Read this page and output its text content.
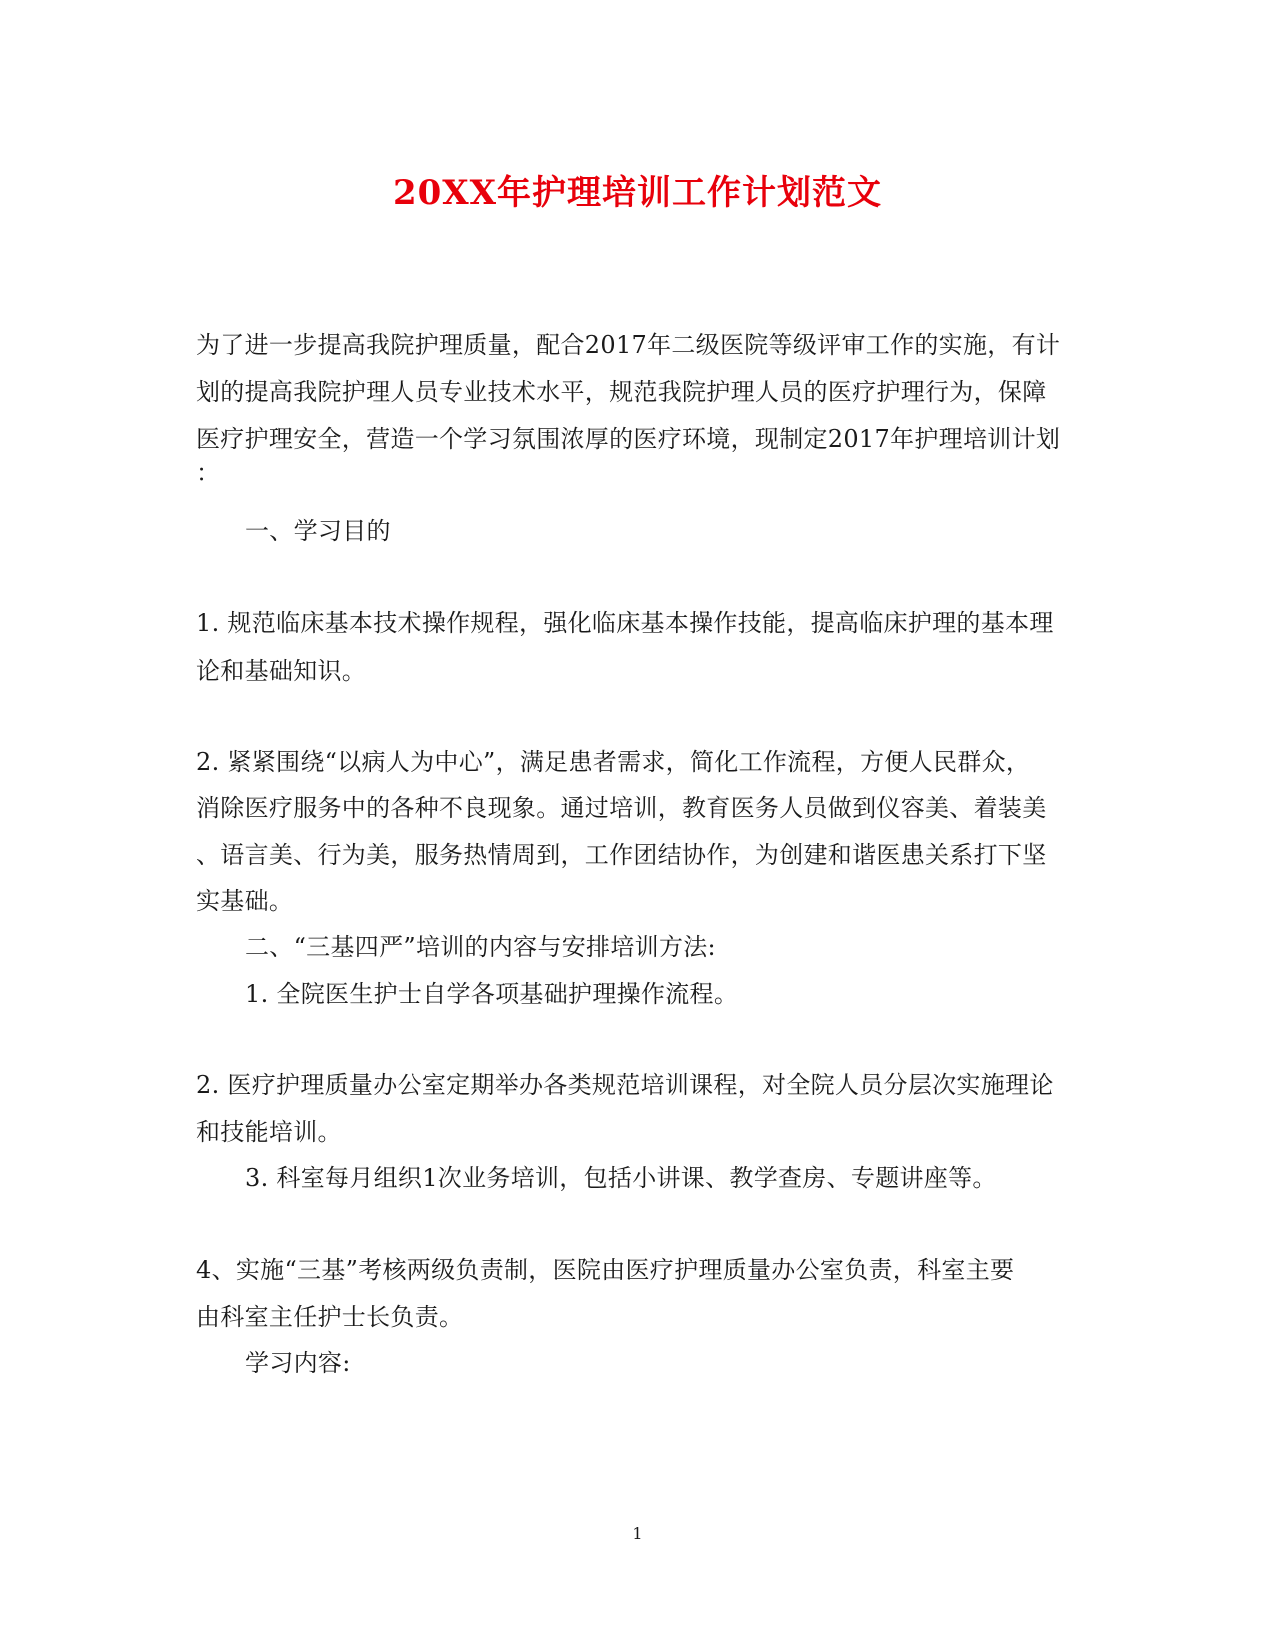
20XX年护理培训工作计划范文
为了进一步提高我院护理质量，配合2017年二级医院等级评审工作的实施，有计
划的提高我院护理人员专业技术水平，规范我院护理人员的医疗护理行为，保障
医疗护理安全，营造一个学习氛围浓厚的医疗环境，现制定2017年护理培训计划
：
一、学习目的
1. 规范临床基本技术操作规程，强化临床基本操作技能，提高临床护理的基本理
论和基础知识。
2. 紧紧围绕“以病人为中心”，满足患者需求，简化工作流程，方便人民群众，
消除医疗服务中的各种不良现象。通过培训，教育医务人员做到仪容美、着装美
、语言美、行为美，服务热情周到，工作团结协作，为创建和谐医患关系打下坚
实基础。
二、“三基四严”培训的内容与安排培训方法:
1. 全院医生护士自学各项基础护理操作流程。
2. 医疗护理质量办公室定期举办各类规范培训课程，对全院人员分层次实施理论
和技能培训。
3. 科室每月组织1次业务培训，包括小讲课、教学查房、专题讲座等。
4、实施“三基”考核两级负责制，医院由医疗护理质量办公室负责，科室主要
由科室主任护士长负责。
学习内容:
1
